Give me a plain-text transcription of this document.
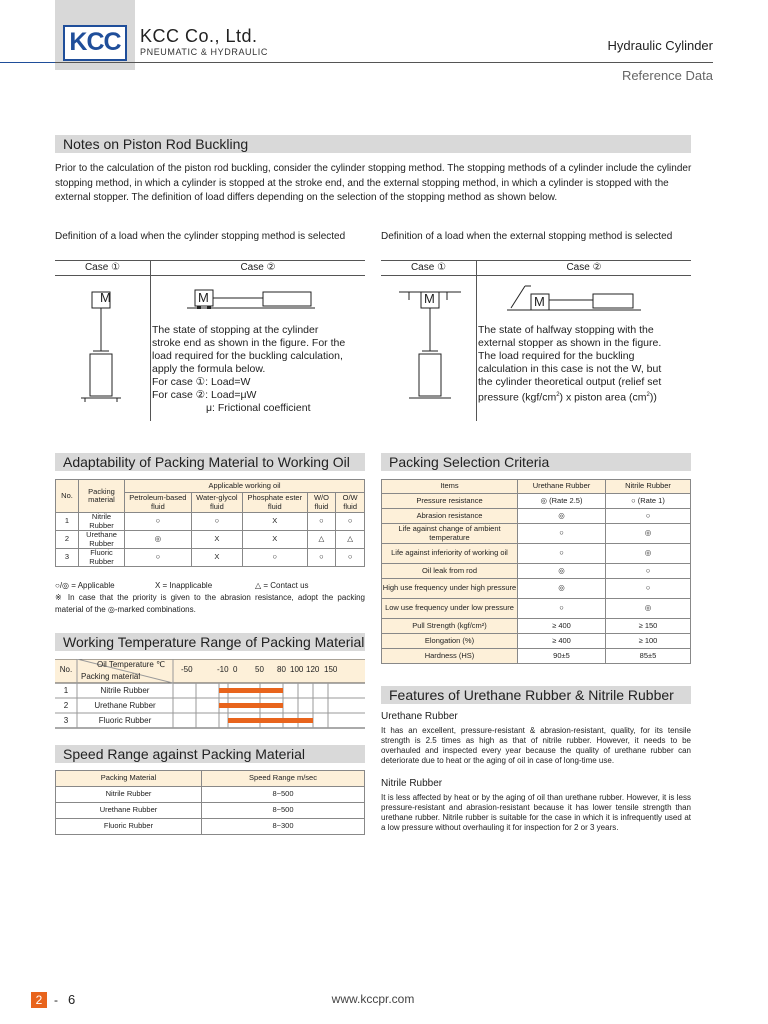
KCC	KCC Co., Ltd.
PNEUMATIC & HYDRAULIC	Hydraulic Cylinder
Reference Data
Notes on Piston Rod Buckling
Prior to the calculation of the piston rod buckling, consider the cylinder stopping method. The stopping methods of a cylinder include the cylinder stopping method, in which a cylinder is stopped at the stroke end, and the external stopping method, in which a cylinder is stopped with the external stopper. The definition of load differs depending on the selection of the stopping method as shown below.
Definition of a load when the cylinder stopping method is selected	Definition of a load when the external stopping method is selected
Case ①	Case ②
M	M
The state of stopping at the cylinder
stroke end as shown in the figure. For the
load required for the buckling calculation,
apply the formula below.
For case ①: Load=W
For case ②: Load=μW
μ: Frictional coefficient
Case ①	Case ②
M	M
The state of halfway stopping with the
external stopper as shown in the figure.
The load required for the buckling
calculation in this case is not the W, but
the cylinder theoretical output (relief set
pressure $(kgf/cm^2)$ x piston area $(cm^2)$)
Adaptability of Packing Material to Working Oil
No.	Packing material	Applicable working oil				
		Petroleum-based fluid	Water-glycol fluid	Phosphate ester fluid	W/O fluid	O/W fluid
1	Nitrile Rubber	○	○	X	○	○
2	Urethane Rubber	◎	X	X	△	△
3	Fluoric Rubber	○	X	○	○	○
○/◎ = Applicable	X = Inapplicable	△ = Contact us
※ In case that the priority is given to the abrasion resistance, adopt the packing material of the ◎-marked combinations.
Working Temperature Range of Packing Material
No.
Oil Temperature ℃
Packing material
-50	-10 0 50 80 100 120 150
1	Nitrile Rubber
2	Urethane Rubber
3	Fluoric Rubber
Speed Range against Packing Material
Packing Material	Speed Range m/sec
Nitrile Rubber	8~500
Urethane Rubber	8~500
Fluoric Rubber	8~300
Packing Selection Criteria
Items	Urethane Rubber	Nitrile Rubber
Pressure resistance	◎ (Rate 2.5)	○ (Rate 1)
Abrasion resistance	◎	○
Life against change of ambient temperature	○	◎
Life against inferiority of working oil	○	◎
Oil leak from rod	◎	○
High use frequency under high pressure	◎	○
Low use frequency under low pressure	○	◎
Pull Strength (kgf/cm²)	≥ 400	≥ 150
Elongation (%)	≥ 400	≥ 100
Hardness (HS)	90±5	85±5
Features of Urethane Rubber & Nitrile Rubber
Urethane Rubber
It has an excellent, pressure-resistant & abrasion-resistant, quality, for its tensile strength is 2.5 times as high as that of nitrile rubber. However, it needs to be overhauled and inspected every year because the quality of urethane rubber can deteriorate due to heat or the aging of oil in case of long-time use.
Nitrile Rubber
It is less affected by heat or by the aging of oil than urethane rubber. However, it is less pressure-resistant and abrasion-resistant because it has lower tensile strength than urethane rubber. Nitrile rubber is suitable for the case in which it is infrequently used at a low pressure without overhauling it for inspection for 2 or 3 years.
2 - 6	www.kccpr.com
